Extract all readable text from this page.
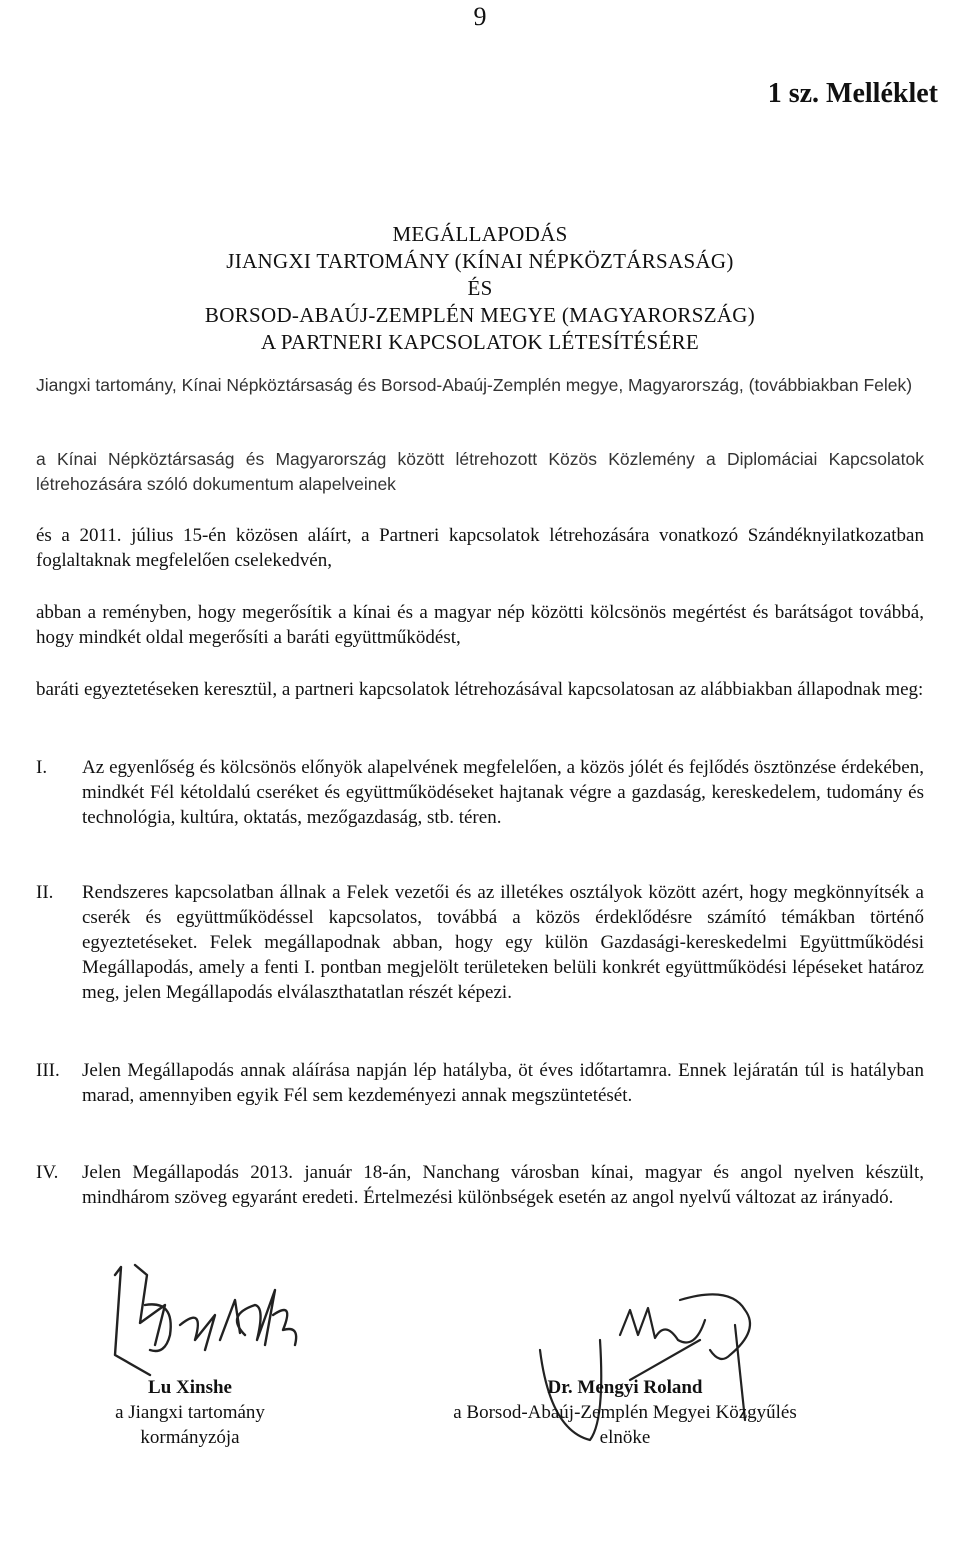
9
1 sz. Melléklet
MEGÁLLAPODÁS
JIANGXI TARTOMÁNY (KÍNAI NÉPKÖZTÁRSASÁG)
ÉS
BORSOD-ABAÚJ-ZEMPLÉN MEGYE (MAGYARORSZÁG)
A PARTNERI KAPCSOLATOK LÉTESÍTÉSÉRE
Jiangxi tartomány, Kínai Népköztársaság és Borsod-Abaúj-Zemplén megye, Magyarország, (továbbiakban Felek)
a Kínai Népköztársaság és Magyarország között létrehozott Közös Közlemény a Diplomáciai Kapcsolatok létrehozására szóló dokumentum alapelveinek
és a 2011. július 15-én közösen aláírt, a Partneri kapcsolatok létrehozására vonatkozó Szándéknyilatkozatban foglaltaknak megfelelően cselekedvén,
abban a reményben, hogy megerősítik a kínai és a magyar nép közötti kölcsönös megértést és barátságot továbbá, hogy mindkét oldal megerősíti a baráti együttműködést,
baráti egyeztetéseken keresztül, a partneri kapcsolatok létrehozásával kapcsolatosan az alábbiakban állapodnak meg:
I.	Az egyenlőség és kölcsönös előnyök alapelvének megfelelően, a közös jólét és fejlődés ösztönzése érdekében, mindkét Fél kétoldalú cseréket és együttműködéseket hajtanak végre a gazdaság, kereskedelem, tudomány és technológia, kultúra, oktatás, mezőgazdaság, stb. téren.
II.	Rendszeres kapcsolatban állnak a Felek vezetői és az illetékes osztályok között azért, hogy megkönnyítsék a cserék és együttműködéssel kapcsolatos, továbbá a közös érdeklődésre számító témákban történő egyeztetéseket. Felek megállapodnak abban, hogy egy külön Gazdasági-kereskedelmi Együttműködési Megállapodás, amely a fenti I. pontban megjelölt területeken belüli konkrét együttműködési lépéseket határoz meg, jelen Megállapodás elválaszthatatlan részét képezi.
III.	Jelen Megállapodás annak aláírása napján lép hatályba, öt éves időtartamra. Ennek lejáratán túl is hatályban marad, amennyiben egyik Fél sem kezdeményezi annak megszüntetését.
IV.	Jelen Megállapodás 2013. január 18-án, Nanchang városban kínai, magyar és angol nyelven készült, mindhárom szöveg egyaránt eredeti. Értelmezési különbségek esetén az angol nyelvű változat az irányadó.
Lu Xinshe
a Jiangxi tartomány
kormányzója
Dr. Mengyi Roland
a Borsod-Abaúj-Zemplén Megyei Közgyűlés
elnöke
